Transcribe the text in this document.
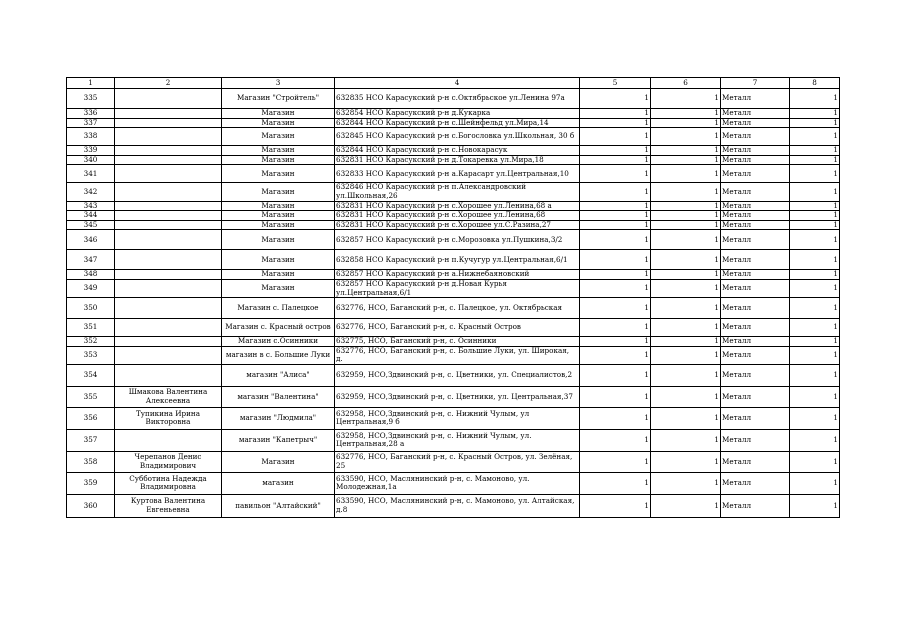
1	2	3	4	5	6	7	8
335		Магазин "Стройтель"	632835 НСО Карасукский р-н с.Октябрьское ул.Ленина 97а	1	1	Металл	1
336		Магазин	632854 НСО Карасукский р-н д.Кукарка	1	1	Металл	1
337		Магазин	632844 НСО Карасукский р-н с.Шейнфельд ул.Мира,14	1	1	Металл	1
338		Магазин	632845 НСО Карасукский р-н с.Богословка ул.Школьная, 30 б	1	1	Металл	1
339		Магазин	632844 НСО Карасукский р-н с.Новокарасук	1	1	Металл	1
340		Магазин	632831 НСО Карасукский р-н д.Токаревка ул.Мира,18	1	1	Металл	1
341		Магазин	632833 НСО Карасукский р-н а.Карасарт ул.Центральная,10	1	1	Металл	1
342		Магазин	632846 НСО Карасукский р-н п.Александровский ул.Школьная,26	1	1	Металл	1
343		Магазин	632831 НСО Карасукский р-н с.Хорошее ул.Ленина,68 а	1	1	Металл	1
344		Магазин	632831 НСО Карасукский р-н с.Хорошее ул.Ленина,68	1	1	Металл	1
345		Магазин	632831 НСО Карасукский р-н с.Хорошее ул.С.Разина,27	1	1	Металл	1
346		Магазин	632857 НСО Карасукский р-н с.Морозовка ул.Пушкина,3/2	1	1	Металл	1
347		Магазин	632858 НСО Карасукский р-н п.Кучугур ул.Центральная,6/1	1	1	Металл	1
348		Магазин	632857 НСО Карасукский р-н а.Нижнебаяновский	1	1	Металл	1
349		Магазин	632857 НСО Карасукский р-н д.Новая Курья ул.Центральная,6/1	1	1	Металл	1
350		Магазин с. Палецкое	632776, НСО, Баганский р-н, с. Палецкое, ул. Октябрьская	1	1	Металл	1
351		Магазин с. Красный остров	632776, НСО, Баганский р-н, с. Красный Остров	1	1	Металл	1
352		Магазин с.Осинники	632775, НСО, Баганский р-н, с. Осинники	1	1	Металл	1
353		магазин в с. Большие Луки	632776, НСО, Баганский р-н, с. Большие Луки, ул. Широкая, д.	1	1	Металл	1
354		магазин "Алиса"	632959, НСО,Здвинский р-н, с. Цветники, ул. Специалистов,2	1	1	Металл	1
355	Шмакова Валентина Алексеевна	магазин "Валентина"	632959, НСО,Здвинский р-н, с. Цветники, ул. Центральная,37	1	1	Металл	1
356	Тупикина Ирина Викторовна	магазин "Людмила"	632958, НСО,Здвинский р-н, с. Нижний Чулым, ул Центральная,9 б	1	1	Металл	1
357		магазин "Капетрыч"	632958, НСО,Здвинский р-н, с. Нижний Чулым, ул. Центральная,28 а	1	1	Металл	1
358	Черепанов Денис Владимирович	Магазин	632776, НСО, Баганский р-н, с. Красный Остров, ул. Зелёная, 25	1	1	Металл	1
359	Субботина Надежда Владимировна	магазин	633590, НСО, Маслянинский р-н, с. Мамоново, ул. Молодежная,1а	1	1	Металл	1
360	Куртова Валентина Евгеньевна	павильон "Алтайский"	633590, НСО, Маслянинский р-н, с. Мамоново, ул. Алтайская, д.8	1	1	Металл	1
